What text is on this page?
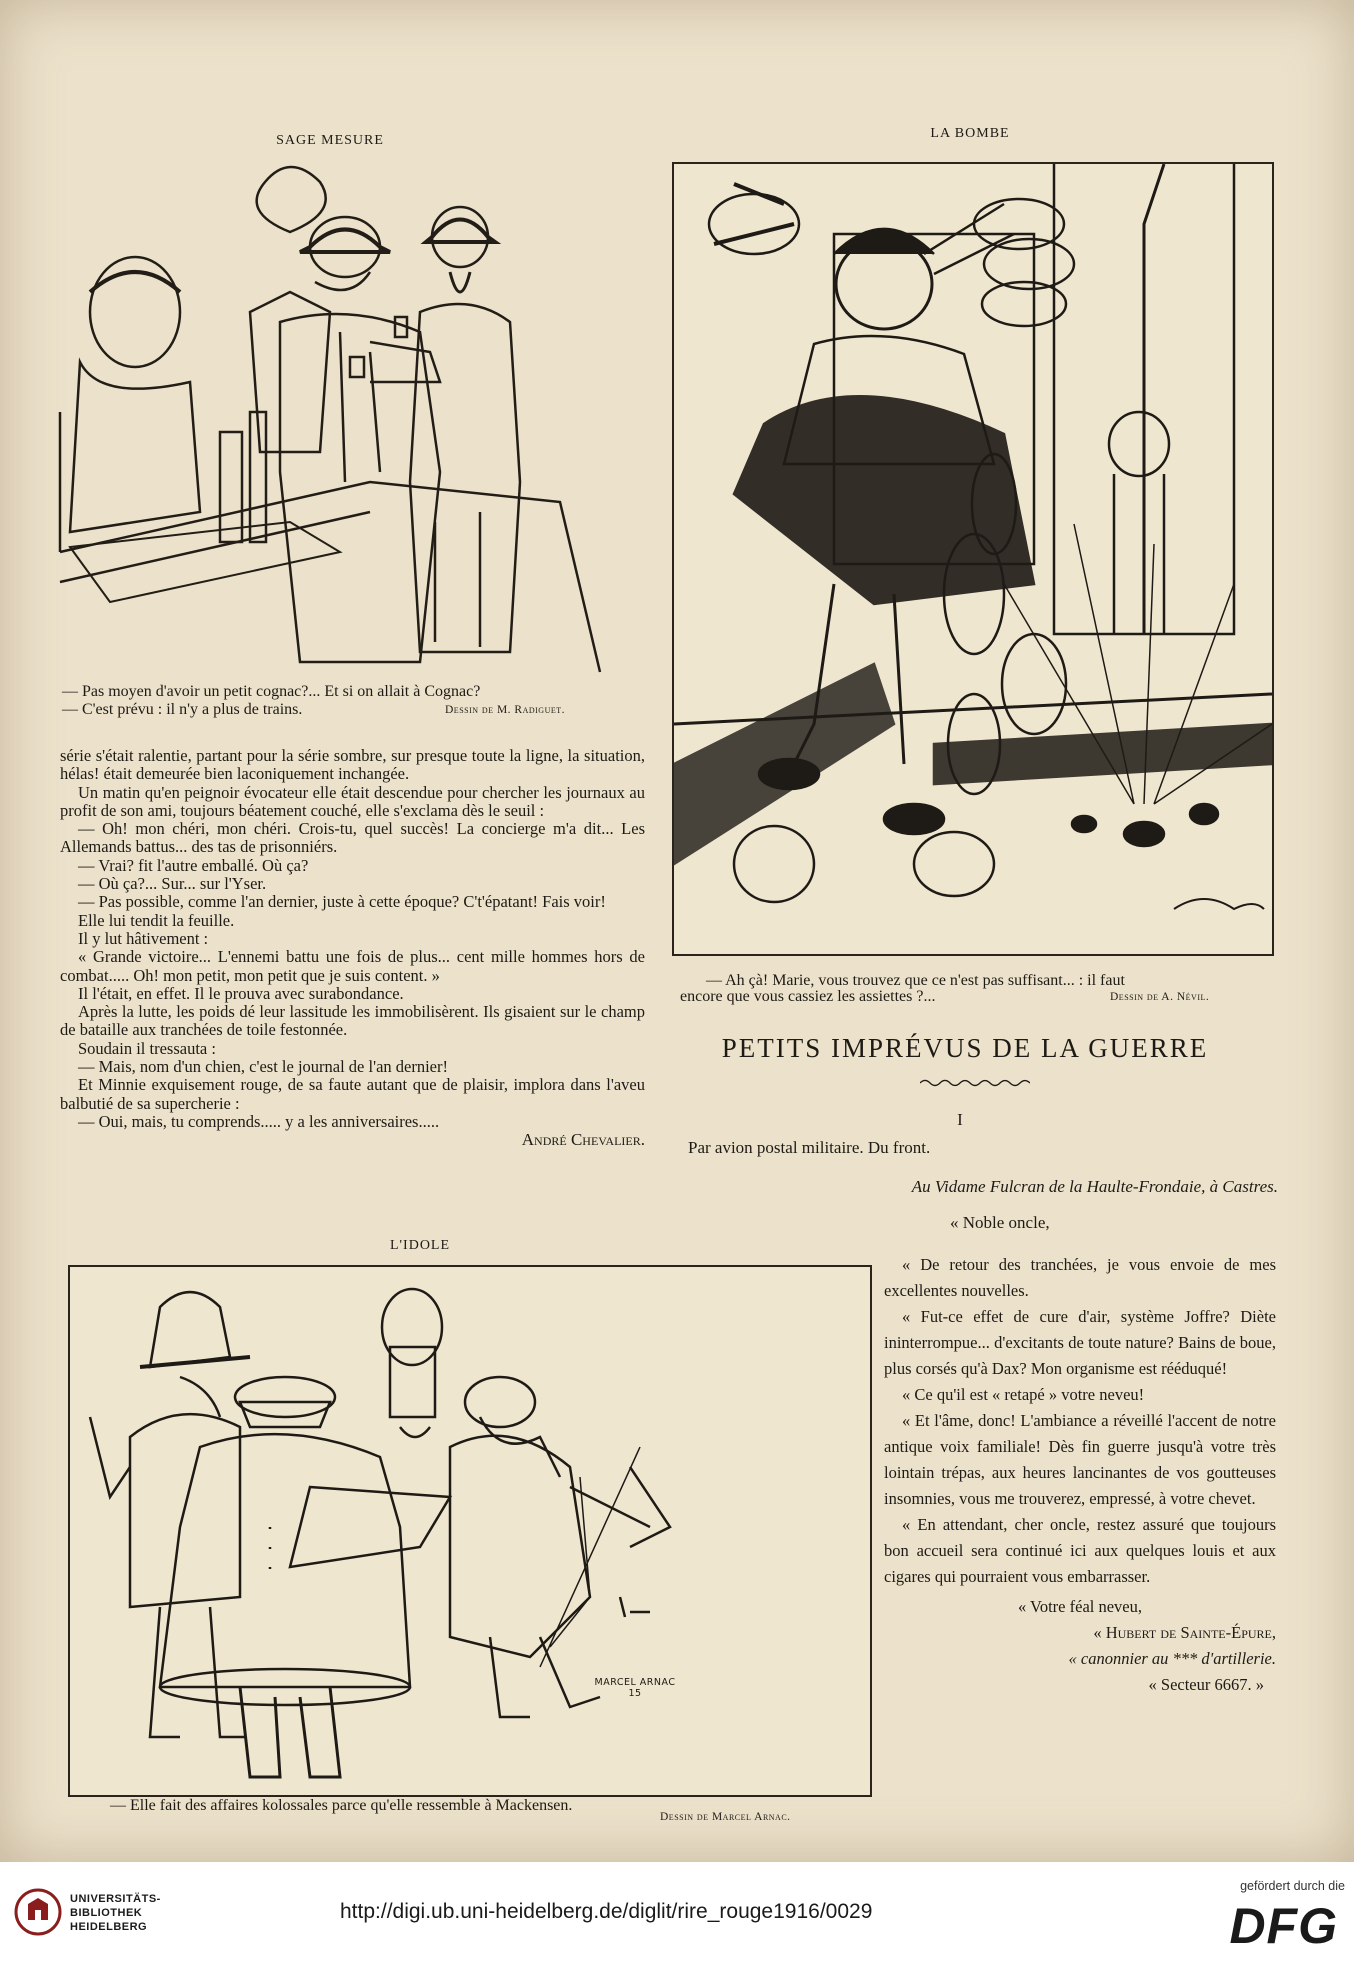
SAGE MESURE
— Pas moyen d'avoir un petit cognac?... Et si on allait à Cognac?
— C'est prévu : il n'y a plus de trains.	Dessin de M. Radiguet.
LA BOMBE
— Ah çà! Marie, vous trouvez que ce n'est pas suffisant... : il faut
encore que vous cassiez les assiettes ?...	Dessin de A. Névil.

série s'était ralentie, partant pour la série sombre, sur presque toute la ligne, la situation, hélas! était demeurée bien laconiquement inchangée.

Un matin qu'en peignoir évocateur elle était descendue pour chercher les journaux au profit de son ami, toujours béatement couché, elle s'exclama dès le seuil :

— Oh! mon chéri, mon chéri. Crois-tu, quel succès! La concierge m'a dit... Les Allemands battus... des tas de prisonniérs.

— Vrai? fit l'autre emballé. Où ça?

— Où ça?... Sur... sur l'Yser.

— Pas possible, comme l'an dernier, juste à cette époque? C't'épatant! Fais voir!

Elle lui tendit la feuille.

Il y lut hâtivement :

« Grande victoire... L'ennemi battu une fois de plus... cent mille hommes hors de combat..... Oh! mon petit, mon petit que je suis content. »

Il l'était, en effet. Il le prouva avec surabondance.

Après la lutte, les poids dé leur lassitude les immobilisèrent. Ils gisaient sur le champ de bataille aux tranchées de toile festonnée.

Soudain il tressauta :

— Mais, nom d'un chien, c'est le journal de l'an dernier!

Et Minnie exquisement rouge, de sa faute autant que de plaisir, implora dans l'aveu balbutié de sa supercherie :

— Oui, mais, tu comprends..... y a les anniversaires.....

André Chevalier.
L'IDOLE
MARCEL ARNAC 15
— Elle fait des affaires kolossales parce qu'elle ressemble à Mackensen.
Dessin de Marcel Arnac.
PETITS IMPRÉVUS DE LA GUERRE
I
Par avion postal militaire. Du front.
Au Vidame Fulcran de la Haulte-Frondaie, à Castres.
« Noble oncle,

« De retour des tranchées, je vous envoie de mes excellentes nouvelles.

« Fut-ce effet de cure d'air, système Joffre? Diète ininterrompue... d'excitants de toute nature? Bains de boue, plus corsés qu'à Dax? Mon organisme est rééduqué!

« Ce qu'il est « retapé » votre neveu!

« Et l'âme, donc! L'ambiance a réveillé l'accent de notre antique voix familiale! Dès fin guerre jusqu'à votre très lointain trépas, aux heures lancinantes de vos goutteuses insomnies, vous me trouverez, empressé, à votre chevet.

« En attendant, cher oncle, restez assuré que toujours bon accueil sera continué ici aux quelques louis et aux cigares qui pourraient vous embarrasser.

« Votre féal neveu,
« Hubert de Sainte-Épure,
« canonnier au *** d'artillerie.
« Secteur 6667. »
UNIVERSITÄTS-
BIBLIOTHEK
HEIDELBERG
http://digi.ub.uni-heidelberg.de/diglit/rire_rouge1916/0029
gefördert durch die
DFG
